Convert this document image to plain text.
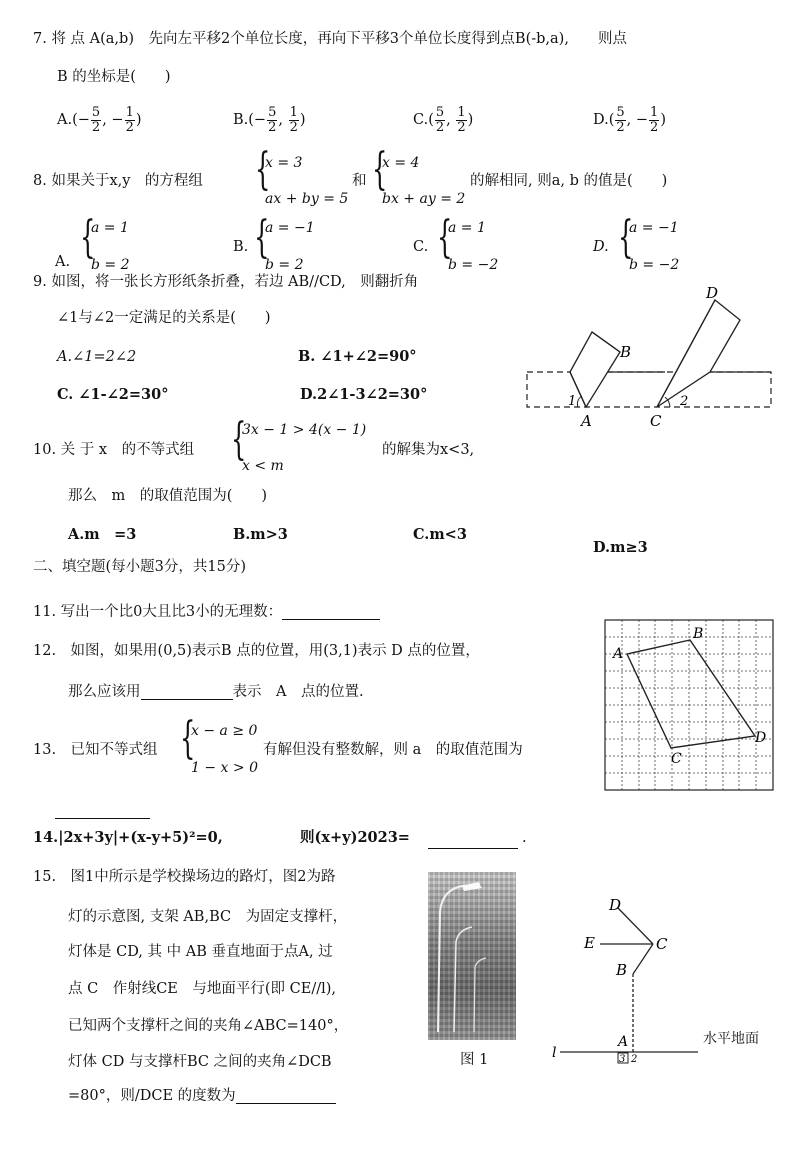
7. 将 点 A(a,b)　先向左平移2个单位长度，再向下平移3个单位长度得到点B(-b,a),　　则点
B 的坐标是(　　)
$A.(- \frac{5}{2}$ , − $\frac{1}{2}$ )	$B.(- \frac{5}{2}$ , $\frac{1}{2}$ )	$C.( \frac{5}{2}$ , $\frac{1}{2}$ )	$D.( \frac{5}{2}$ , − $\frac{1}{2}$ )
8. 如果关于x,y　的方程组 {
x = 3
ax + by = 5
和 {
x = 4
bx + ay = 2
的解相同, 则a, b 的值是(　　)
A. {
a = 1
b = 2
B. {
a = −1
b = 2
C. {
a = 1
b = −2
D. {
a = −1
b = −2
9. 如图，将一张长方形纸条折叠，若边 AB//CD,　则翻折角
∠1与∠2一定满足的关系是(　　)
A.∠1=2∠2	B. ∠1+∠2=90°
C. ∠1-∠2=30°	D.2∠1-3∠2=30°
B
D
A	C
1	2
10. 关 于 x　的不等式组 {
3x − 1 > 4(x − 1)
x < m
的解集为x<3,
那么　m　的取值范围为(　　)
A.m　=3	B.m>3	C.m<3
D.m≥3
二、填空题(每小题3分，共15分)
11. 写出一个比0大且比3小的无理数：
12.　如图，如果用(0,5)表示B 点的位置，用(3,1)表示 D 点的位置，
那么应该用	表示　A　点的位置.
A
B
D
C
13.　已知不等式组 {
x − a ≥ 0
1 − x > 0
有解但没有整数解，则 a　的取值范围为
14.|2x+3y|+(x-y+5)²=0,	则(x+y)2023=	.
15.　图1中所示是学校操场边的路灯，图2为路
灯的示意图, 支架 AB,BC　为固定支撑杆，
灯体是 CD, 其 中 AB 垂直地面于点A, 过
点 C　作射线CE　与地面平行(即 CE//l),
已知两个支撑杆之间的夹角∠ABC=140°，
灯体 CD 与支撑杆BC 之间的夹角∠DCB
=80°，则/DCE 的度数为
图 1
D
E	C
B
A
l	3 2
水平地面
